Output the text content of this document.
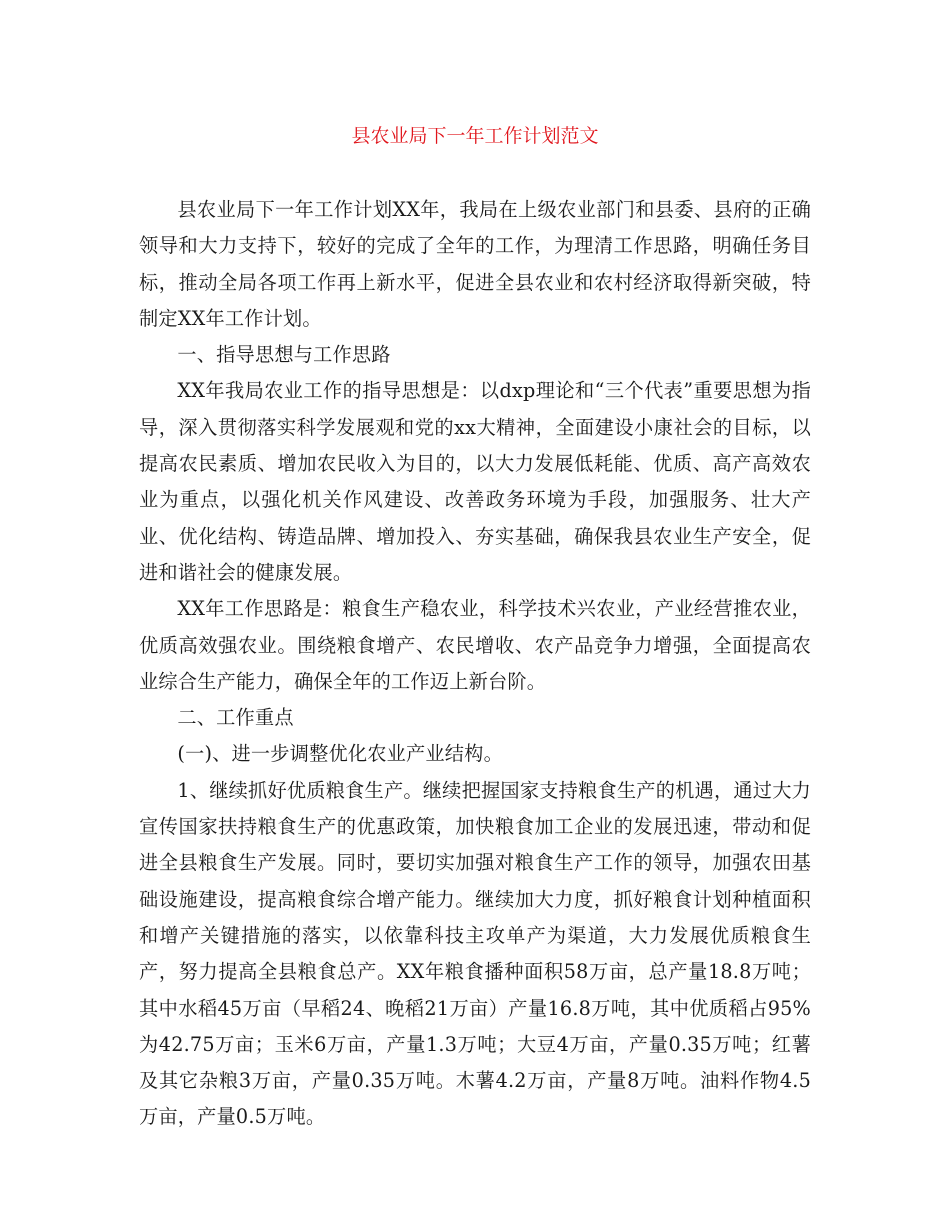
县农业局下一年工作计划范文

县农业局下一年工作计划XX年，我局在上级农业部门和县委、县府的正确领导和大力支持下，较好的完成了全年的工作，为理清工作思路，明确任务目标，推动全局各项工作再上新水平，促进全县农业和农村经济取得新突破，特制定XX年工作计划。

一、指导思想与工作思路

XX年我局农业工作的指导思想是：以dxp理论和“三个代表”重要思想为指导，深入贯彻落实科学发展观和党的xx大精神，全面建设小康社会的目标，以提高农民素质、增加农民收入为目的，以大力发展低耗能、优质、高产高效农业为重点，以强化机关作风建设、改善政务环境为手段，加强服务、壮大产业、优化结构、铸造品牌、增加投入、夯实基础，确保我县农业生产安全，促进和谐社会的健康发展。

XX年工作思路是：粮食生产稳农业，科学技术兴农业，产业经营推农业，优质高效强农业。围绕粮食增产、农民增收、农产品竞争力增强，全面提高农业综合生产能力，确保全年的工作迈上新台阶。

二、工作重点

(一)、进一步调整优化农业产业结构。

1、继续抓好优质粮食生产。继续把握国家支持粮食生产的机遇，通过大力宣传国家扶持粮食生产的优惠政策，加快粮食加工企业的发展迅速，带动和促进全县粮食生产发展。同时，要切实加强对粮食生产工作的领导，加强农田基础设施建设，提高粮食综合增产能力。继续加大力度，抓好粮食计划种植面积和增产关键措施的落实，以依靠科技主攻单产为渠道，大力发展优质粮食生产，努力提高全县粮食总产。XX年粮食播种面积58万亩，总产量18.8万吨；其中水稻45万亩（早稻24、晚稻21万亩）产量16.8万吨，其中优质稻占95%为42.75万亩；玉米6万亩，产量1.3万吨；大豆4万亩，产量0.35万吨；红薯及其它杂粮3万亩，产量0.35万吨。木薯4.2万亩，产量8万吨。油料作物4.5万亩，产量0.5万吨。
